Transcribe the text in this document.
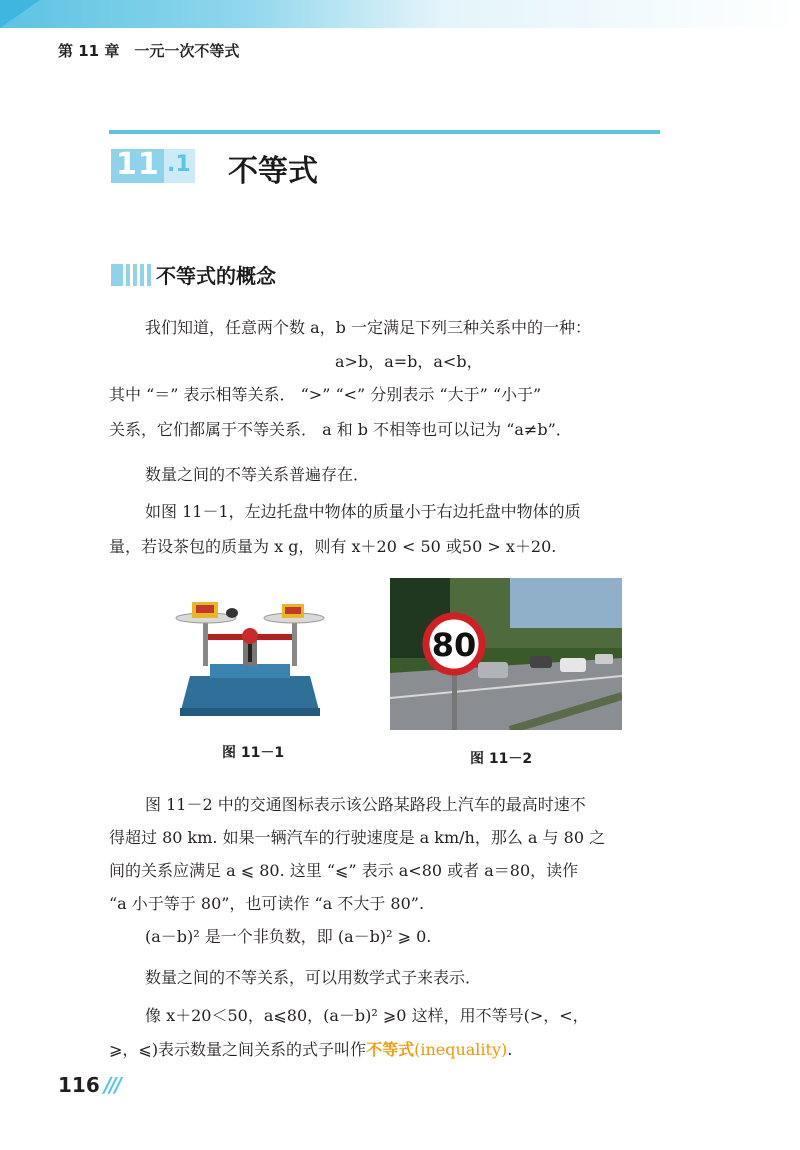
第 11 章　一元一次不等式
11 .1 不等式
不等式的概念
我们知道，任意两个数 a，b 一定满足下列三种关系中的一种：
a>b，a=b，a<b，
其中 “＝” 表示相等关系． “>” “<” 分别表示 “大于” “小于”
关系，它们都属于不等关系． a 和 b 不相等也可以记为 “a≠b”．
数量之间的不等关系普遍存在．
如图 11－1，左边托盘中物体的质量小于右边托盘中物体的质
量，若设茶包的质量为 x g，则有 x＋20 < 50 或50 > x＋20.
图 11－1
80
图 11－2
图 11－2 中的交通图标表示该公路某路段上汽车的最高时速不
得超过 80 km. 如果一辆汽车的行驶速度是 a km/h，那么 a 与 80 之
间的关系应满足 a ⩽ 80. 这里 “⩽” 表示 a<80 或者 a＝80，读作
“a 小于等于 80”，也可读作 “a 不大于 80”.
(a－b)² 是一个非负数，即 (a－b)² ⩾ 0.
数量之间的不等关系，可以用数学式子来表示．
像 x＋20＜50，a⩽80，(a－b)² ⩾0 这样，用不等号(>，<，
⩾，⩽)表示数量之间关系的式子叫作不等式(inequality).
116 ///
